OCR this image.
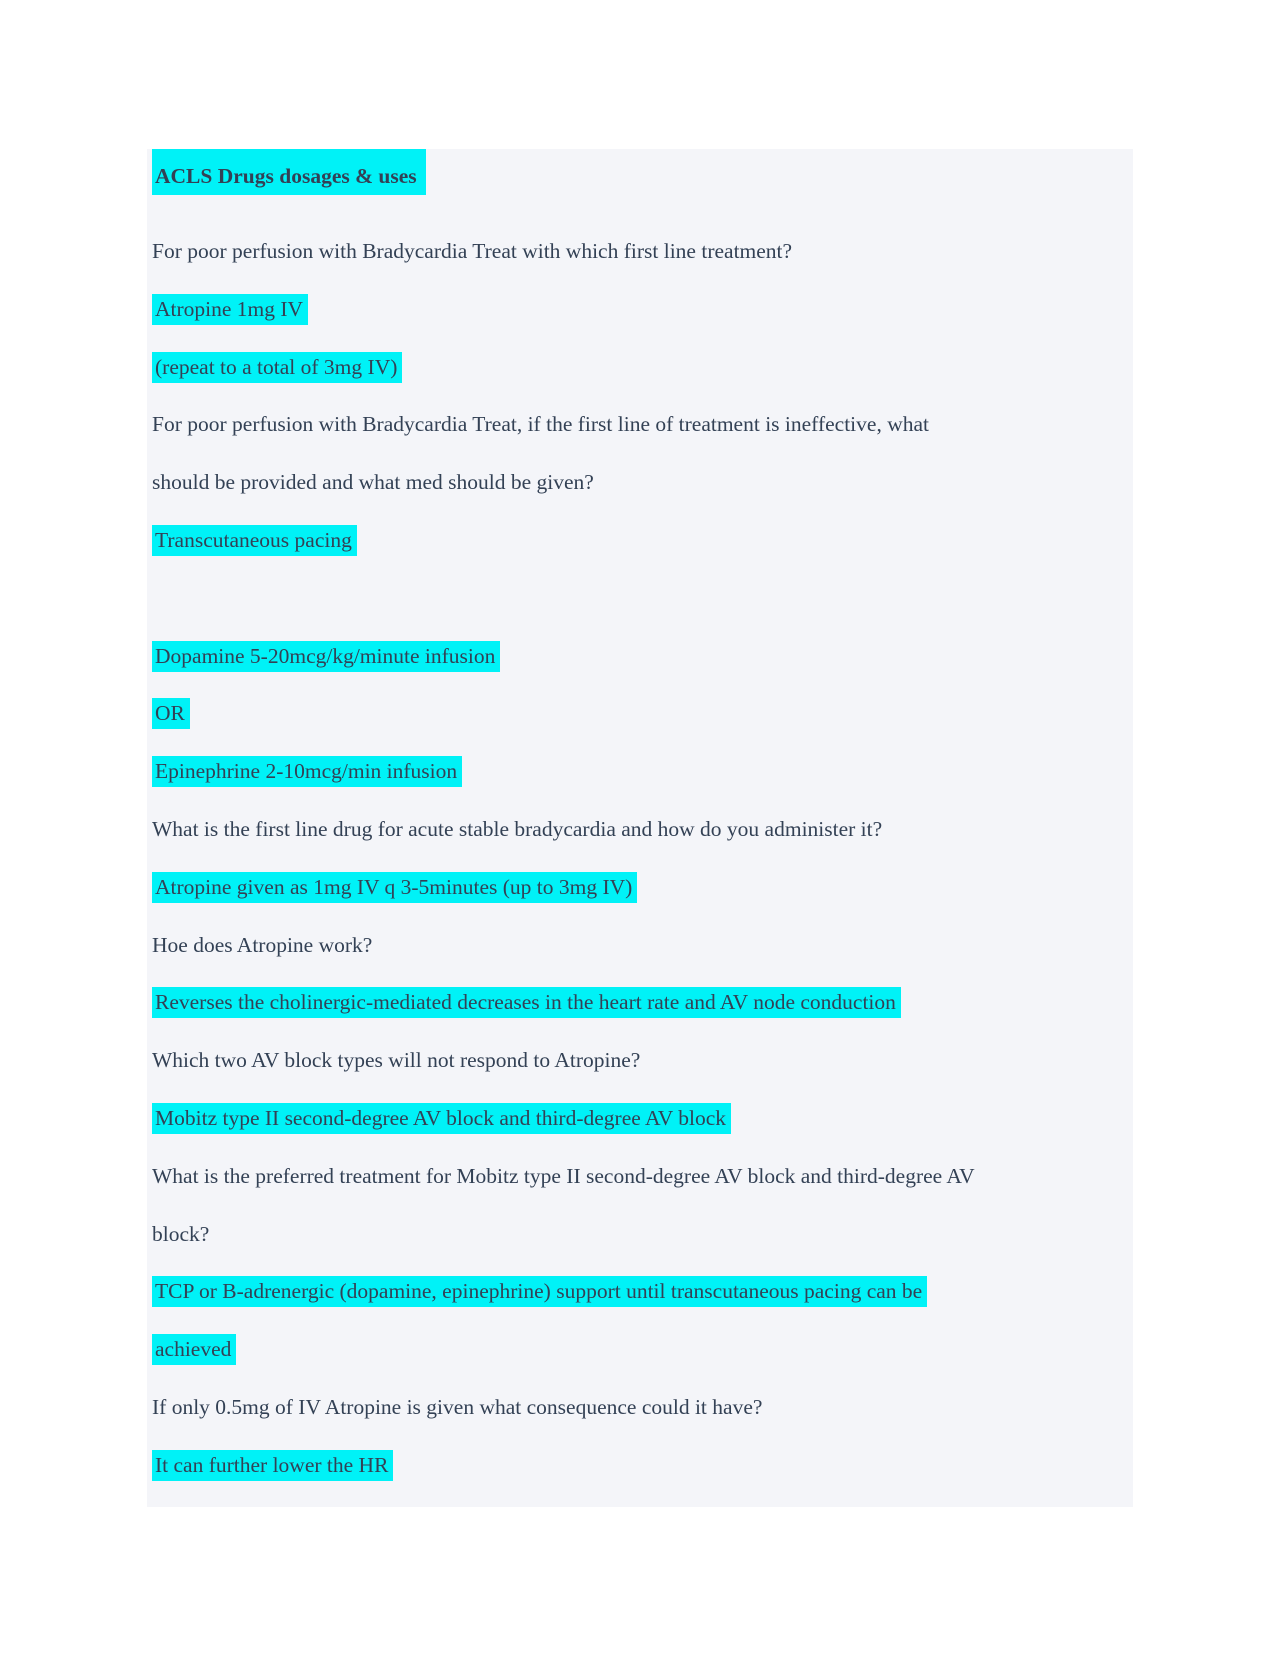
ACLS Drugs dosages & uses
For poor perfusion with Bradycardia Treat with which first line treatment?
Atropine 1mg IV
(repeat to a total of 3mg IV)
For poor perfusion with Bradycardia Treat, if the first line of treatment is ineffective, what
should be provided and what med should be given?
Transcutaneous pacing
Dopamine 5-20mcg/kg/minute infusion
OR
Epinephrine 2-10mcg/min infusion
What is the first line drug for acute stable bradycardia and how do you administer it?
Atropine given as 1mg IV q 3-5minutes (up to 3mg IV)
Hoe does Atropine work?
Reverses the cholinergic-mediated decreases in the heart rate and AV node conduction
Which two AV block types will not respond to Atropine?
Mobitz type II second-degree AV block and third-degree AV block
What is the preferred treatment for Mobitz type II second-degree AV block and third-degree AV
block?
TCP or B-adrenergic (dopamine, epinephrine) support until transcutaneous pacing can be
achieved
If only 0.5mg of IV Atropine is given what consequence could it have?
It can further lower the HR
